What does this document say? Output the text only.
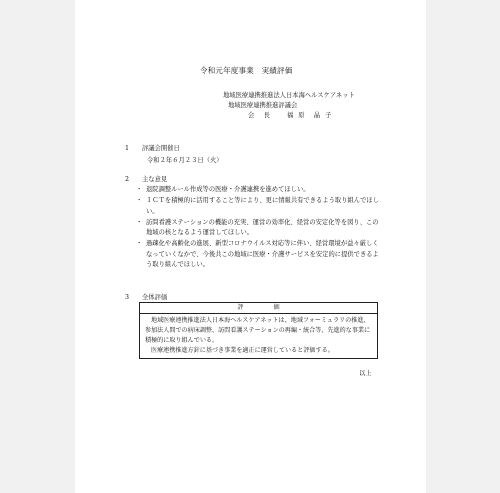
令和元年度事業　実績評価
地域医療連携推進法人日本海ヘルスケアネット
地域医療連携推進評議会
会　長　　福 原　晶 子
1 評議会開催日
令和２年６月２３日（火）
2 主な意見
・ 退院調整ルール作成等の医療・介護連携を進めてほしい。
・ ＩＣＴを積極的に活用すること等により、更に情報共有できるよう取り組んでほしい。
・ 訪問看護ステーションの機能の充実、運営の効率化、経営の安定化等を図り、この地域の核となるよう運営してほしい。
・ 過疎化や高齢化の進展、新型コロナウイルス対応等に伴い、経営環境が益々厳しくなっていくなかで、今後共この地域に医療・介護サービスを安定的に提供できるよう取り組んでほしい。
3 全体評価
評　価

地域医療連携推進法人日本海ヘルスケアネットは、地域フォーミュラリの推進、参加法人間での病床調整、訪問看護ステーションの再編・統合等、先進的な事業に積極的に取り組んでいる。

医療連携推進方針に基づき事業を適正に運営していると評価する。

以上
